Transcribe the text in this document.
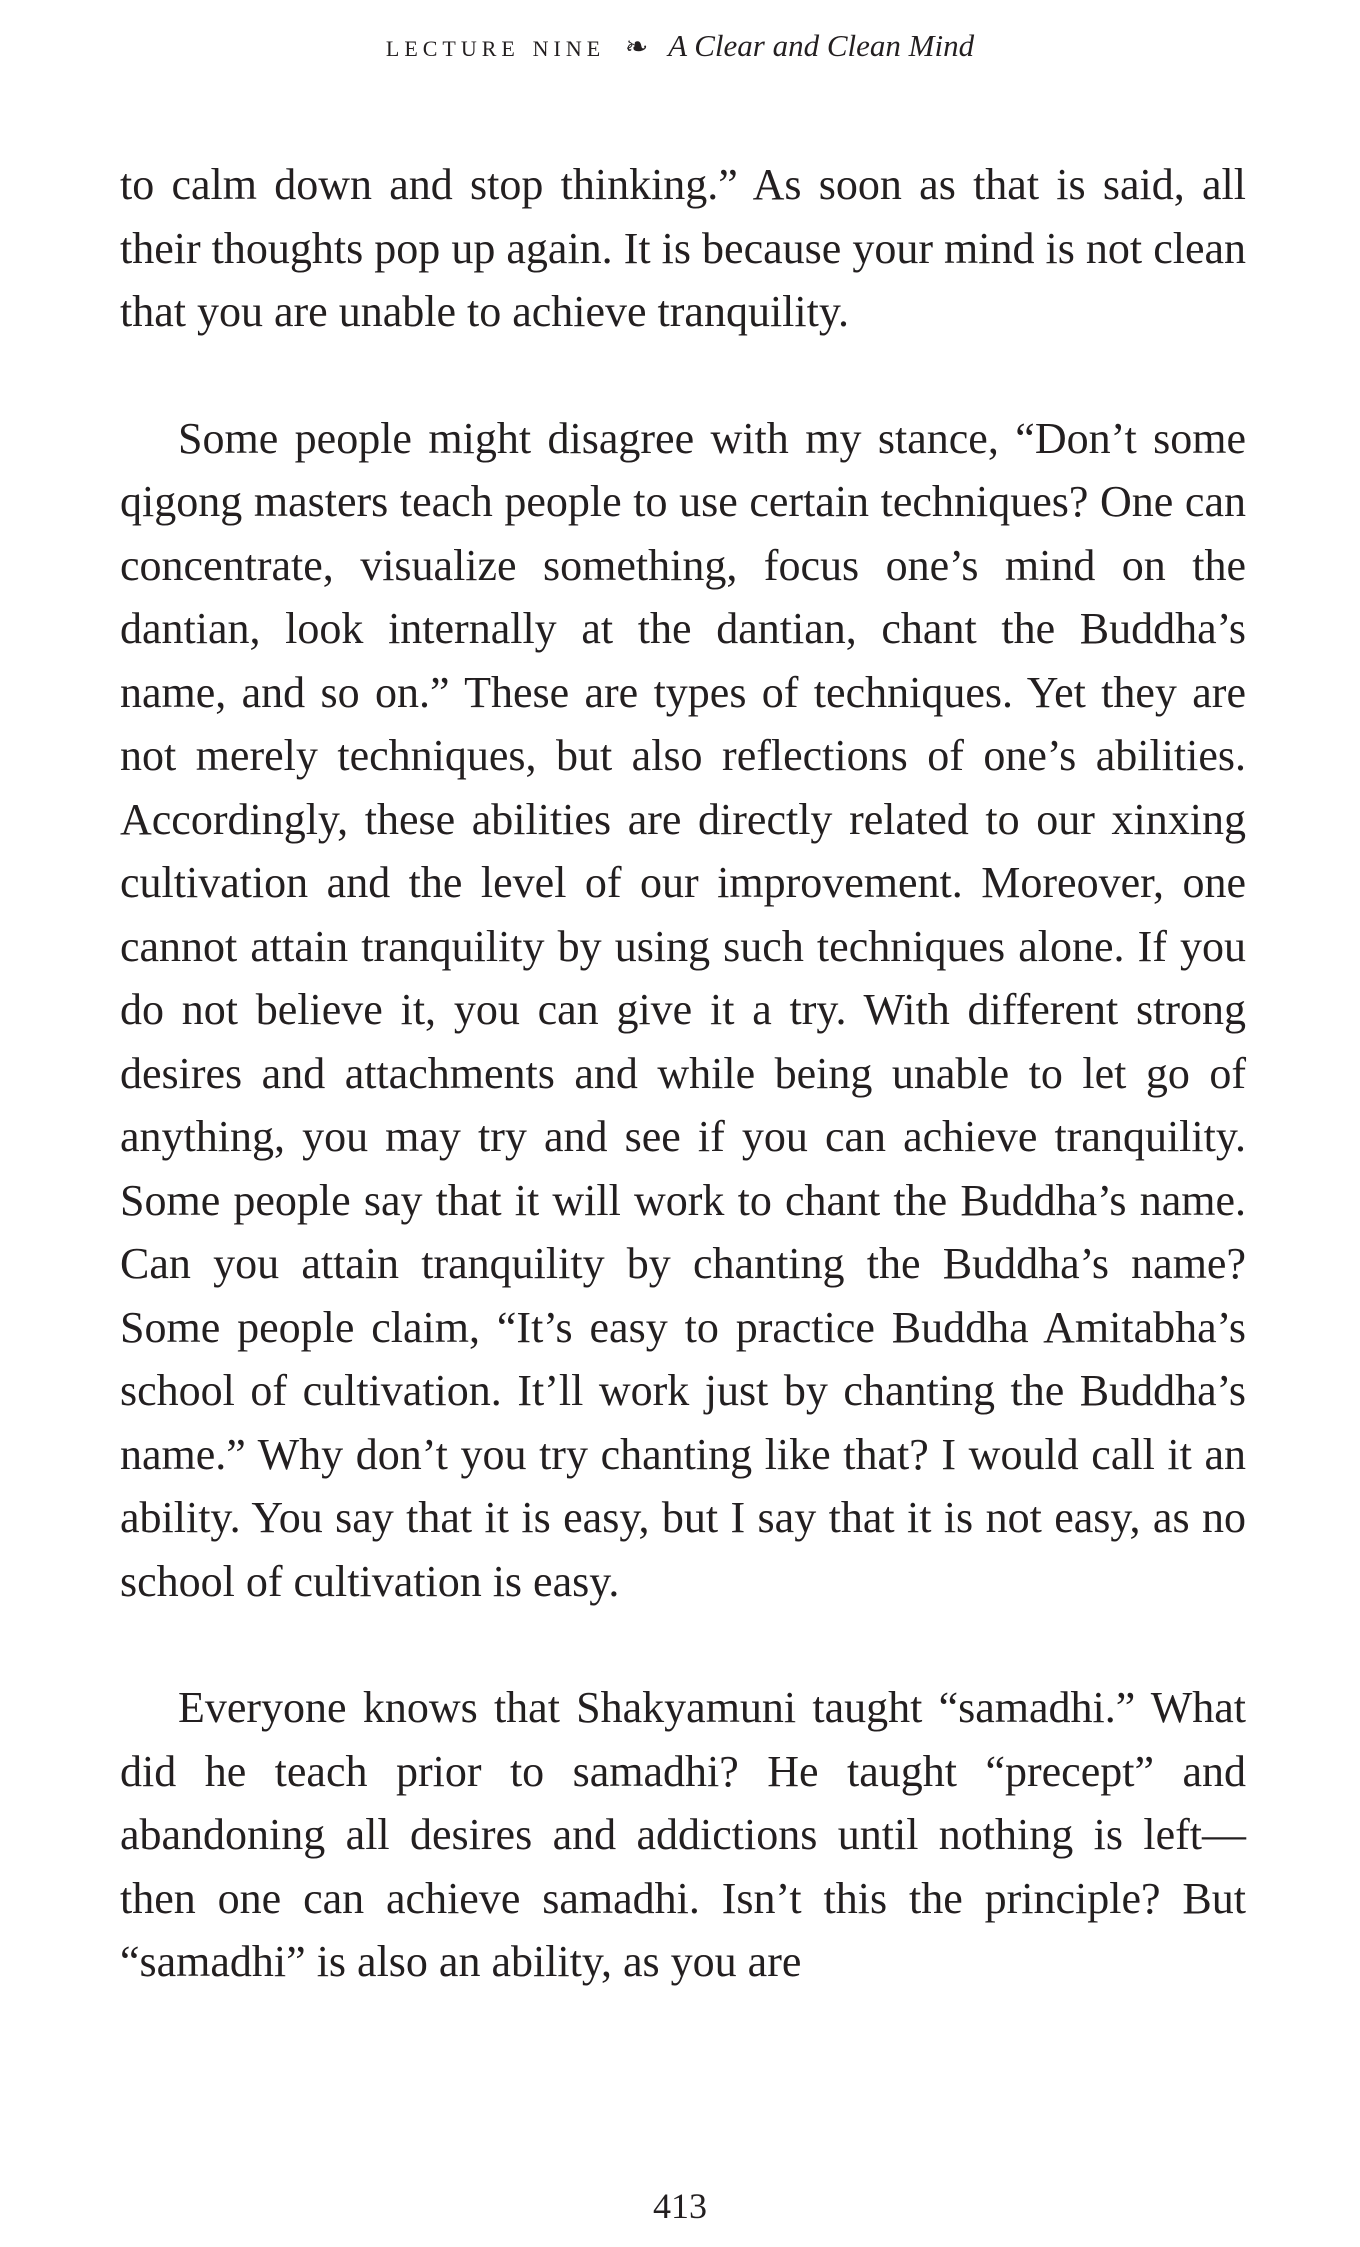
lecture nine ❧ A Clear and Clean Mind

to calm down and stop thinking.” As soon as that is said, all their thoughts pop up again. It is because your mind is not clean that you are unable to achieve tranquility.

Some people might disagree with my stance, “Don’t some qigong masters teach people to use certain techniques? One can concentrate, visualize something, focus one’s mind on the dantian, look internally at the dantian, chant the Buddha’s name, and so on.” These are types of techniques. Yet they are not merely techniques, but also reflections of one’s abilities. Accordingly, these abilities are directly related to our xinxing cultivation and the level of our improvement. Moreover, one cannot attain tranquility by using such techniques alone. If you do not believe it, you can give it a try. With different strong desires and attachments and while being unable to let go of anything, you may try and see if you can achieve tranquility. Some people say that it will work to chant the Buddha’s name. Can you attain tranquility by chanting the Buddha’s name? Some people claim, “It’s easy to practice Buddha Amitabha’s school of cultivation. It’ll work just by chanting the Buddha’s name.” Why don’t you try chanting like that? I would call it an ability. You say that it is easy, but I say that it is not easy, as no school of cultivation is easy.

Everyone knows that Shakyamuni taught “samadhi.” What did he teach prior to samadhi? He taught “precept” and abandoning all desires and addictions until nothing is left—then one can achieve samadhi. Isn’t this the principle? But “samadhi” is also an ability, as you are

413
